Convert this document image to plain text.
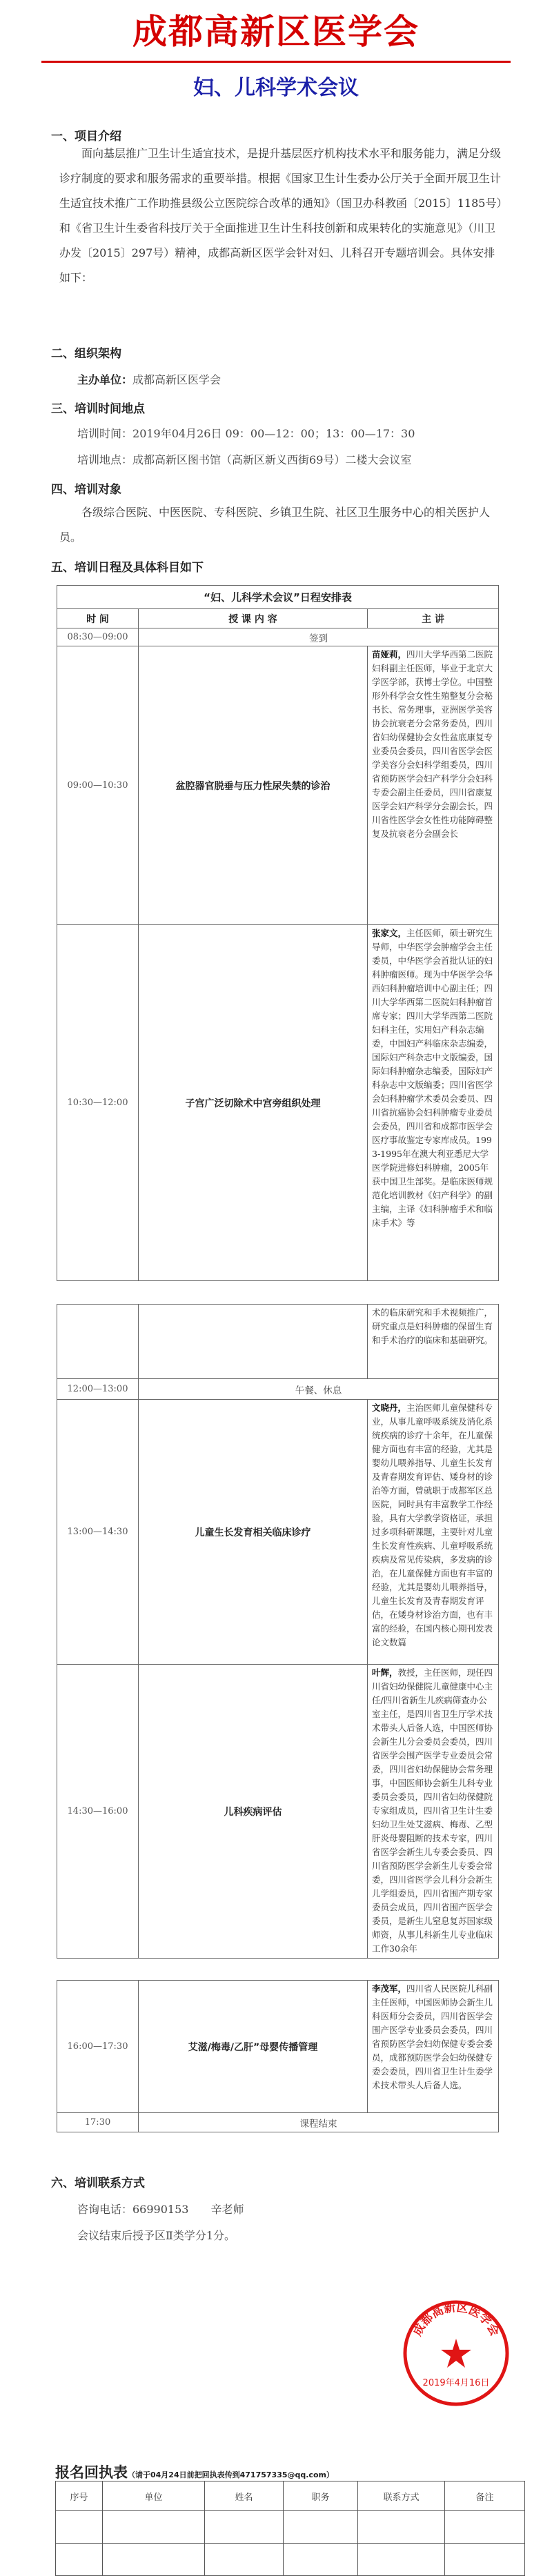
成都高新区医学会
妇、儿科学术会议
一、项目介绍
面向基层推广卫生计生适宜技术，是提升基层医疗机构技术水平和服务能力，满足分级诊疗制度的要求和服务需求的重要举措。根据《国家卫生计生委办公厅关于全面开展卫生计生适宜技术推广工作助推县级公立医院综合改革的通知》（国卫办科教函〔2015〕1185号）和《省卫生计生委省科技厅关于全面推进卫生计生科技创新和成果转化的实施意见》（川卫办发〔2015〕297号）精神，成都高新区医学会针对妇、儿科召开专题培训会。具体安排如下：
二、组织架构
主办单位：成都高新区医学会
三、培训时间地点
培训时间：2019年04月26日 09：00—12：00；13：00—17：30
培训地点：成都高新区图书馆（高新区新义西街69号）二楼大会议室
四、培训对象
各级综合医院、中医医院、专科医院、乡镇卫生院、社区卫生服务中心的相关医护人员。
五、培训日程及具体科目如下
“妇、儿科学术会议”日程安排表		
时 间	授 课 内 容	主 讲
08:30—09:00	签到	
09:00—10:30	盆腔器官脱垂与压力性尿失禁的诊治	苗娅莉，四川大学华西第二医院妇科副主任医师，毕业于北京大学医学部，获博士学位。中国整形外科学会女性生殖整复分会秘书长、常务理事，亚洲医学美容协会抗衰老分会常务委员，四川省妇幼保健协会女性盆底康复专业委员会委员，四川省医学会医学美容分会妇科学组委员，四川省预防医学会妇产科学分会妇科专委会副主任委员，四川省康复医学会妇产科学分会副会长，四川省性医学会女性性功能障碍整复及抗衰老分会副会长
10:30—12:00	子宫广泛切除术中宫旁组织处理	张家文，主任医师，硕士研究生导师，中华医学会肿瘤学会主任委员，中华医学会首批认证的妇科肿瘤医师。现为中华医学会华西妇科肿瘤培训中心副主任；四川大学华西第二医院妇科肿瘤首席专家；四川大学华西第二医院妇科主任，实用妇产科杂志编委，中国妇产科临床杂志编委，国际妇产科杂志中文版编委，国际妇科肿瘤杂志编委，国际妇产科杂志中文版编委；四川省医学会妇科肿瘤学术委员会委员、四川省抗癌协会妇科肿瘤专业委员会委员，四川省和成都市医学会医疗事故鉴定专家库成员。1993-1995年在澳大利亚悉尼大学医学院进修妇科肿瘤，2005年获中国卫生部奖。是临床医师规范化培训教材《妇产科学》的副主编，主译《妇科肿瘤手术和临床手术》等
		术的临床研究和手术视频推广，研究重点是妇科肿瘤的保留生育和手术治疗的临床和基础研究。
12:00—13:00	午餐、休息	
13:00—14:30	儿童生长发育相关临床诊疗	文晓丹，主治医师儿童保健科专业，从事儿童呼吸系统及消化系统疾病的诊疗十余年，在儿童保健方面也有丰富的经验，尤其是婴幼儿喂养指导、儿童生长发育及青春期发育评估、矮身材的诊治等方面，曾就职于成都军区总医院，同时具有丰富教学工作经验，具有大学教学资格证，承担过多项科研课题，主要针对儿童生长发育性疾病、儿童呼吸系统疾病及常见传染病，多发病的诊治，在儿童保健方面也有丰富的经验，尤其是婴幼儿喂养指导，儿童生长发育及青春期发育评估，在矮身材诊治方面，也有丰富的经验，在国内核心期刊发表论文数篇
14:30—16:00	儿科疾病评估	叶辉，教授，主任医师，现任四川省妇幼保健院儿童健康中心主任/四川省新生儿疾病筛查办公室主任，是四川省卫生厅学术技术带头人后备人选，中国医师协会新生儿分会委员会委员，四川省医学会围产医学专业委员会常委，四川省妇幼保健协会常务理事，中国医师协会新生儿科专业委员会委员，四川省妇幼保健院专家组成员，四川省卫生计生委妇幼卫生处艾滋病、梅毒、乙型肝炎母婴阻断的技术专家，四川省医学会新生儿专委会委员、四川省预防医学会新生儿专委会常委，四川省医学会儿科分会新生儿学组委员，四川省围产期专家委员会成员，四川省围产医学会委员，是新生儿窒息复苏国家级师资，从事儿科新生儿专业临床工作30余年
16:00—17:30	艾滋/梅毒/乙肝”母婴传播管理	李茂军，四川省人民医院儿科副主任医师，中国医师协会新生儿科医师分会委员，四川省医学会围产医学专业委员会委员，四川省预防医学会妇幼保健专委会委员，成都预防医学会妇幼保健专委会委员，四川省卫生计生委学术技术带头人后备人选。
17:30	课程结束	
六、培训联系方式
咨询电话：66990153　　辛老师
会议结束后授予区Ⅱ类学分1分。
成都高新区医学会
2019年4月16日
报名回执表（请于04月24日前把回执表传到471757335@qq.com）
序号	单位	姓名	职务	联系方式	备注
